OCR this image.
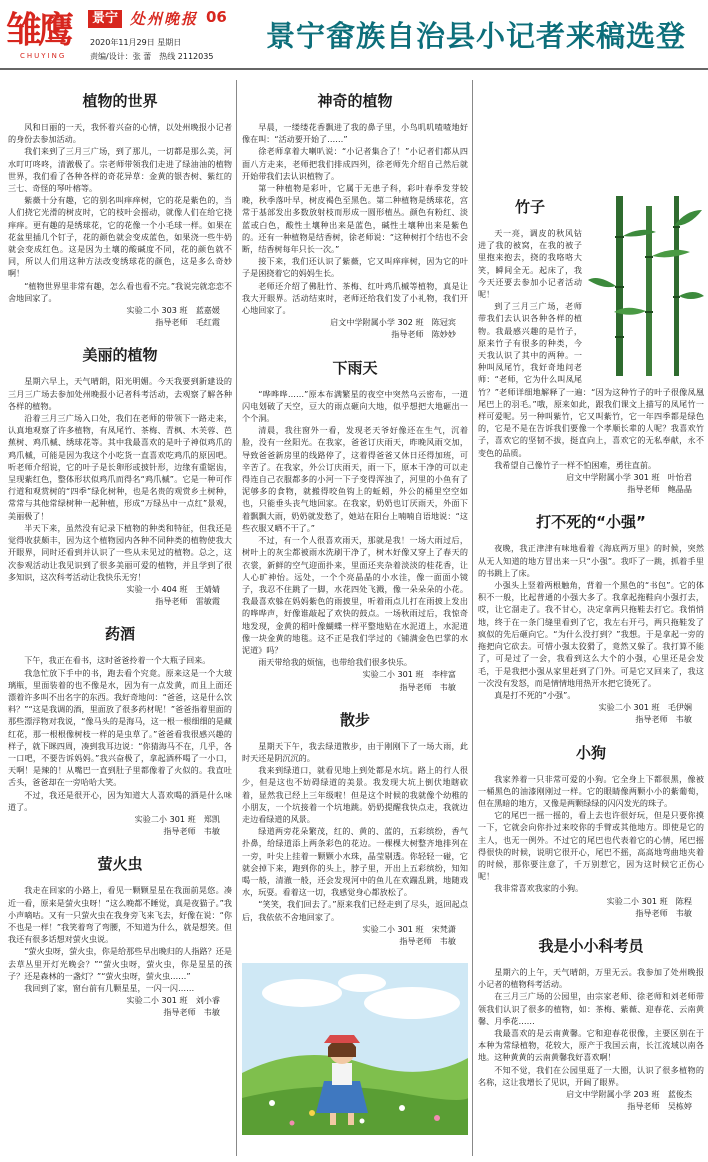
雏鹰
CHUYING
景宁 处州晚报 06
2020年11月29日 星期日
责编/设计：张 蕾　热线 2112035
景宁畲族自治县小记者来稿选登
植物的世界

风和日丽的一天，我怀着兴奋的心情，以处州晚报小记者的身份去参加活动。

我们来到了三月三广场，到了那儿，一切都是那么美，河水叮叮咚咚，清澈极了。宗老师带领我们走进了绿油油的植物世界，我们看了各种各样的奇花异草：金黄的银杏树、紫红的三七、奇怪的琴叶榕等。

紫薇十分有趣，它的别名叫痒痒树，它的花是紫色的，当人们挠它光滑的树皮时，它的枝叶会摇动，就像人们在给它挠痒痒。更有趣的是绣球花，它的花像一个小毛球一样。如果在花盆里插几个钉子，花的颜色就会变成蓝色，如果浇一些牛奶就会变成红色。这是因为土壤的酸碱度不同，花的颜色就不同，所以人们用这种方法改变绣球花的颜色，这是多么奇妙啊！

“植物世界里非常有趣，怎么看也看不完。”我说完就恋恋不舍地回家了。

实验二小 303 班　蓝嘉媛
指导老师　毛红霞
美丽的植物

星期六早上，天气晴朗，阳光明媚。今天我要到新建设的三月三广场去参加处州晚报小记者科考活动，去观察了解各种各样的植物。

沿着三月三广场入口处，我们在老师的带领下一路走来，认真地观察了许多植物，有凤尾竹、茶梅、青枫、木芙蓉、芭蕉树、鸡爪槭、绣球花等。其中我最喜欢的是叶子神似鸡爪的鸡爪槭，可能是因为我这个小吃货一直喜欢吃鸡爪的原因吧。听老师介绍说，它的叶子是长卵形或披针形，边缘有重锯齿，呈现紫红色，整体形状似鸡爪而得名“鸡爪槭”。它是一种可作行道和观赏树的“四季”绿化树种，也是名贵的观赏乡土树种，常常与其他常绿树种一起种植，形成“万绿丛中一点红”景观，美丽极了！

半天下来，虽然没有记录下植物的种类和特征，但我还是觉得收获颇丰，因为这个植物园内各种不同种类的植物使我大开眼界，同时还看到并认识了一些从未见过的植物。总之，这次参观活动让我见识到了很多美丽可爱的植物，并且学到了很多知识，这次科考活动让我快乐无穷！

实验一小 404 班　王婧婧
指导老师　雷敏霞
药酒

下午，我正在看书，这时爸爸拎着一个大瓶子回来。

我急忙放下手中的书，跑去看个究竟。原来这是一个大玻璃瓶，里面装着的也不像是水，因为有一点发黄，而且上面还漂着许多叫不出名字的东西。我好奇地问：“爸爸，这是什么饮料？”“这是我调的酒，里面放了很多药材呢！”爸爸指着里面的那些漂浮物对我说，“像马头的是海马，这一根一根细细的是藏红花，那一根根像树枝一样的是虫草了。”爸爸看我很感兴趣的样子，就下眯四周，凑到我耳边说：“你猜海马不在，几乎，各一口吧，不要告诉妈妈。”我兴奋极了，拿起酒杯喝了一小口，天啊！是辣的！从嘴巴一直到肚子里都像着了火似的。我直吐舌头，爸爸却在一旁哈哈大笑。

不过，我还是很开心，因为知道大人喜欢喝的酒是什么味道了。

实验二小 301 班　郑凯
指导老师　韦敏
萤火虫

我走在回家的小路上，看见一颗颗星星在我面前晃悠。凑近一看，原来是萤火虫呀！“这么晚都不睡觉，真是夜猫子。”我小声嘀咕。又有一只萤火虫在我身旁飞来飞去，好像在说：“你不也是一样！”我笑着弯了弯腰，不知道为什么，就是想笑。但我还有很多话想对萤火虫说。

“萤火虫呀，萤火虫，你是给那些早出晚归的人指路？还是去草丛里开灯光晚会？”“萤火虫呀，萤火虫，你是星星的孩子？还是森林的一盏灯？”“萤火虫呀，萤火虫……”

我回到了家，窗台前有几颗星星，一闪一闪……

实验二小 301 班　刘小睿
指导老师　韦敏
神奇的植物

早晨，一缕缕花香飘进了我的鼻子里，小鸟叽叽喳喳地好像在叫：“活动要开始了……”

徐老师拿着大喇叭说：“小记者集合了！”小记者们都从四面八方走来，老师把我们排成四列，徐老师先介绍自己然后就开始带我们去认识植物了。

第一种植物是彩叶，它属于无患子科，彩叶春季发芽较晚，秋季落叶早，树皮褐色至黑色。第二种植物是绣球花，宫常于基部发出多数放射枝而形成一圆形植丛。颜色有粉红、淡蓝或白色，酸性土壤种出来是蓝色，碱性土壤种出来是紫色的。还有一种植物是结香树，徐老师说：“这种树打个结也不会断，结香树每年只长一次。”

接下来，我们还认识了紫薇，它又叫痒痒树，因为它的叶子是困挠着它的妈妈生长。

老师还介绍了佛肚竹、茶梅、红叶鸡爪槭等植物，真是让我大开眼界。活动结束时，老师还给我们发了小礼物，我们开心地回家了。

启文中学附属小学 302 班　陈冠宾
指导老师　陈妙妙
下雨天

“哗哗哗……”原本布满繁星的夜空中突然乌云密布，一道闪电划破了天空，豆大的雨点砸向大地，似乎想把大地砸出一个个洞。

清晨，我往窗外一看，发现老天爷好像还在生气，沉着脸，没有一丝阳光。在我家，爸爸订庆雨天，昨晚风雨交加，导致爸爸新房里的线路停了，这着得爸爸又休日还得加班，可辛苦了。在我家，外公订庆雨天，雨一下，原本干净的可以走得连自己衣服都多的小河一下子变得浑浊了，河里的小鱼有了泥够多的食物，就搬得咬鱼钩上的蚯蚓，外公的桶里空空如也，只能垂头丧气地回家。在我家，奶奶也订厌雨天，外面下着飘飘大雨，奶奶就发愁了，她站在阳台上喃喃自语地说：“这些衣服又晒不干了。”

不过，有一个人很喜欢雨天，那就是我！一场大雨过后，树叶上的灰尘都被雨水洗刷干净了，树木好像又穿上了春天的衣裳，新鲜的空气迎面扑来，里面还夹杂着淡淡的桂花香，让人心旷神怡。远处，一个个亮晶晶的小水洼，像一面面小镜子，我忍不住跳了一脚，水花四处飞溅，像一朵朵朵的小花。我最喜欢躲在妈妈紫色的雨披里，听着雨点儿打在雨披上发出的哗哗声，好像谁敲起了欢快的鼓点。一场秋雨过后，我惊奇地发现，金黄的稻叶像蝴蝶一样平整地贴在水泥道上，水泥道像一块金黄的地毯。这不正是我们学过的《铺满金色巴掌的水泥道》吗？

雨天带给我的烦恼，也带给我们很多快乐。

实验二小 301 班　李梓富
指导老师　韦敏
散步

星期天下午，我去绿道散步，由于刚刚下了一场大雨，此时天还是阴沉沉的。

我来到绿道口，就看见地上到处都是水坑。路上的行人很少，但是这也不妨碍绿道的美景。我发现大坑上倒伏地瞎砍着，显然我已经上三年级啦！但是这个时候的我就像个幼稚的小朋友，一个坑接着一个坑地跳。奶奶提醒我快点走，我就边走边看绿道的风景。

绿道两旁花朵繁茂，红的、黄的、蓝的，五彩缤纷，香气扑鼻，给绿道添上两条彩色的花边。一棵棵大树整齐地排列在一旁，叶尖上挂着一颗颗小水珠，晶莹剔透。你轻轻一碰，它就会掉下来，跑到你的头上，脖子里，开出上五彩缤纷，知知喝一般，清澈一般，还会发现河中的鱼儿在欢蹦乱跳，地随戏水，玩耍。看着这一切，我感觉身心都放松了。

“笑笑，我们回去了。”原来我们已经走到了尽头，返回起点后，我依依不舍地回家了。

实验二小 301 班　宋梵潇
指导老师　韦敏
竹子

天一亮，调皮的秋风钻进了我的被窝，在我的被子里抱来抱去，挠的我咯咯大笑，瞬间全无。起床了，我今天还要去参加小记者活动呢！

到了三月三广场，老师带我们去认识各种各样的植物。我最感兴趣的是竹子，原来竹子有很多的种类，今天我认识了其中的两种。一种叫凤尾竹，我好奇地问老师：“老师，它为什么叫凤尾竹？”老师详细地解释了一遍：“因为这种竹子的叶子很像凤凰尾巴上的羽毛。”哦，原来如此，跟我们课文上描写的凤尾竹一样可爱呢。另一种叫紫竹，它又叫紫竹，它一年四季都是绿色的，它是不是在告诉我们要像一个孝顺长辈的人呢？我喜欢竹子，喜欢它的坚韧不拔，挺直向上，喜欢它的无私奉献，永不变色的品质。

我希望自己像竹子一样不怕困难，勇往直前。

启文中学附属小学 301 班　叶怡君
指导老师　鲍晶晶
打不死的“小强”

夜晚，我正津津有味地看着《海底两万里》的时候，突然从无人知道的地方冒出来一只“小强”。我吓了一跳，抓着手里的书跳上了床。

小强头上竖着两根触角，背着一个黑色的“书包”。它的体积不一般，比起普通的小强大多了。我拿起拖鞋向小强打去，哎，让它溜走了。我不甘心，决定拿两只拖鞋去打它。我悄悄地，终于在一条门缝里看到了它，我左右开弓，两只拖鞋发了疯似的先后砸向它。“为什么没打到？”我想。于是拿起一旁的拖把向它砍去。可惜小强太狡猾了，竟然又躲了。我打算不能了，可是过了一会，我看到这么大个的小强，心里还是会发毛，于是我把小强从家里赶到了门外。可是它又回来了，我这一次没有发怒，而是情情地用热开水把它烫死了。

真是打不死的“小强”。

实验二小 301 班　毛伊娴
指导老师　韦敏
小狗

我家养着一只非常可爱的小狗。它全身上下都很黑，像被一桶黑色的油漆刚刚过一样。它的眼睛像两颗小小的紫葡萄，但在黑暗的地方，又像是两颗绿绿的闪闪发光的珠子。

它的尾巴一摇一摇的，看上去也许很好玩，但是只要你摸一下，它就会向你扑过来咬你的手臂或其他地方。即使是它的主人，也无一例外。不过它的尾巴也代表着它的心情，尾巴摇得很快的时候，说明它很开心，尾巴不摇，高高地弯曲地夹着的时候，那你要注意了，千万别惹它，因为这时候它正伤心呢！

我非常喜欢我家的小狗。

实验二小 301 班　陈程
指导老师　韦敏
我是小小科考员

星期六的上午，天气晴朗，万里无云。我参加了处州晚报小记者的植物科考活动。

在三月三广场的公园里，由宗家老师、徐老师和刘老师带领我们认识了很多的植物，如：茶梅、紫薇、迎春花、云南黄馨、月季花……

我最喜欢的是云南黄馨。它和迎春花很像，主要区别在于本种为常绿植物，花较大，原产于我国云南，长江流域以南各地。这种黄黄的云南黄馨我好喜欢啊！

不知不觉，我们在公园里逛了一大圈，认识了很多植物的名称，这让我增长了见识，开阔了眼界。

启文中学附属小学 203 班　蓝俊杰
指导老师　吴栋婷
